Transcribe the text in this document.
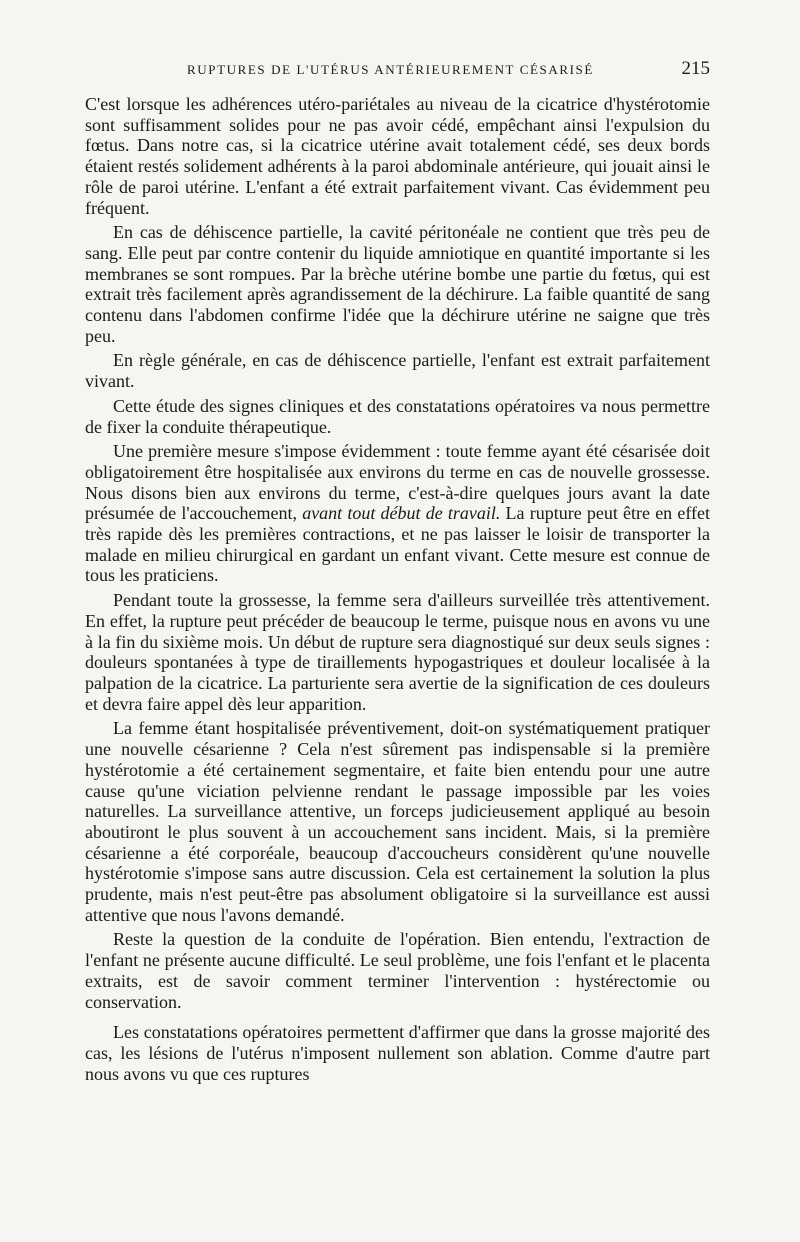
RUPTURES DE L'UTÉRUS ANTÉRIEUREMENT CÉSARISÉ	215

C'est lorsque les adhérences utéro-pariétales au niveau de la cicatrice d'hystérotomie sont suffisamment solides pour ne pas avoir cédé, empêchant ainsi l'expulsion du fœtus. Dans notre cas, si la cicatrice utérine avait totalement cédé, ses deux bords étaient restés solidement adhérents à la paroi abdominale antérieure, qui jouait ainsi le rôle de paroi utérine. L'enfant a été extrait parfaitement vivant. Cas évidemment peu fréquent.

En cas de déhiscence partielle, la cavité péritonéale ne contient que très peu de sang. Elle peut par contre contenir du liquide amniotique en quantité importante si les membranes se sont rompues. Par la brèche utérine bombe une partie du fœtus, qui est extrait très facilement après agrandissement de la déchirure. La faible quantité de sang contenu dans l'abdomen confirme l'idée que la déchirure utérine ne saigne que très peu.

En règle générale, en cas de déhiscence partielle, l'enfant est extrait parfaitement vivant.

Cette étude des signes cliniques et des constatations opératoires va nous permettre de fixer la conduite thérapeutique.

Une première mesure s'impose évidemment : toute femme ayant été césarisée doit obligatoirement être hospitalisée aux environs du terme en cas de nouvelle grossesse. Nous disons bien aux environs du terme, c'est-à-dire quelques jours avant la date présumée de l'accouchement, avant tout début de travail. La rupture peut être en effet très rapide dès les premières contractions, et ne pas laisser le loisir de transporter la malade en milieu chirurgical en gardant un enfant vivant. Cette mesure est connue de tous les praticiens.

Pendant toute la grossesse, la femme sera d'ailleurs surveillée très attentivement. En effet, la rupture peut précéder de beaucoup le terme, puisque nous en avons vu une à la fin du sixième mois. Un début de rupture sera diagnostiqué sur deux seuls signes : douleurs spontanées à type de tiraillements hypogastriques et douleur localisée à la palpation de la cicatrice. La parturiente sera avertie de la signification de ces douleurs et devra faire appel dès leur apparition.

La femme étant hospitalisée préventivement, doit-on systématiquement pratiquer une nouvelle césarienne ? Cela n'est sûrement pas indispensable si la première hystérotomie a été certainement segmentaire, et faite bien entendu pour une autre cause qu'une viciation pelvienne rendant le passage impossible par les voies naturelles. La surveillance attentive, un forceps judicieusement appliqué au besoin aboutiront le plus souvent à un accouchement sans incident. Mais, si la première césarienne a été corporéale, beaucoup d'accoucheurs considèrent qu'une nouvelle hystérotomie s'impose sans autre discussion. Cela est certainement la solution la plus prudente, mais n'est peut-être pas absolument obligatoire si la surveillance est aussi attentive que nous l'avons demandé.

Reste la question de la conduite de l'opération. Bien entendu, l'extraction de l'enfant ne présente aucune difficulté. Le seul problème, une fois l'enfant et le placenta extraits, est de savoir comment terminer l'intervention : hystérectomie ou conservation.

Les constatations opératoires permettent d'affirmer que dans la grosse majorité des cas, les lésions de l'utérus n'imposent nullement son ablation. Comme d'autre part nous avons vu que ces ruptures
